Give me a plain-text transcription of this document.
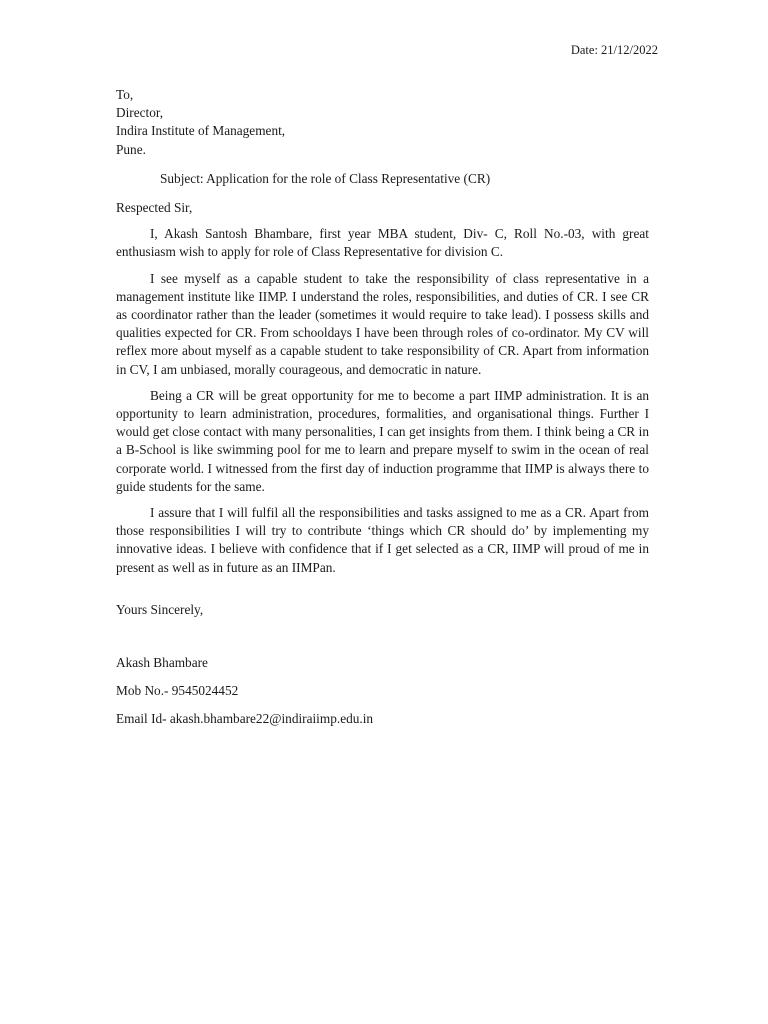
Date: 21/12/2022
To,
Director,
Indira Institute of Management,
Pune.
Subject: Application for the role of Class Representative (CR)
Respected Sir,

I, Akash Santosh Bhambare, first year MBA student, Div- C, Roll No.-03, with great enthusiasm wish to apply for role of Class Representative for division C.

I see myself as a capable student to take the responsibility of class representative in a management institute like IIMP. I understand the roles, responsibilities, and duties of CR. I see CR as coordinator rather than the leader (sometimes it would require to take lead). I possess skills and qualities expected for CR. From schooldays I have been through roles of co-ordinator. My CV will reflex more about myself as a capable student to take responsibility of CR. Apart from information in CV, I am unbiased, morally courageous, and democratic in nature.

Being a CR will be great opportunity for me to become a part IIMP administration. It is an opportunity to learn administration, procedures, formalities, and organisational things. Further I would get close contact with many personalities, I can get insights from them. I think being a CR in a B-School is like swimming pool for me to learn and prepare myself to swim in the ocean of real corporate world. I witnessed from the first day of induction programme that IIMP is always there to guide students for the same.

I assure that I will fulfil all the responsibilities and tasks assigned to me as a CR. Apart from those responsibilities I will try to contribute ‘things which CR should do’ by implementing my innovative ideas. I believe with confidence that if I get selected as a CR, IIMP will proud of me in present as well as in future as an IIMPan.

Yours Sincerely,
Akash Bhambare
Mob No.- 9545024452
Email Id- akash.bhambare22@indiraiimp.edu.in
